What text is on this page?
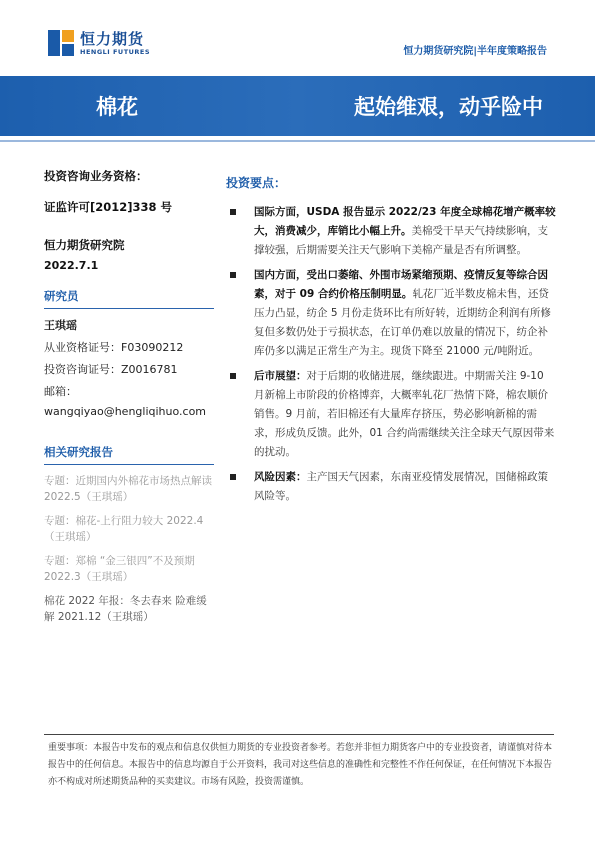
恒力期货
HENGLI FUTURES	恒力期货研究院|半年度策略报告
棉花	起始维艰，动乎险中
投资咨询业务资格：
证监许可[2012]338 号
恒力期货研究院
2022.7.1
研究员
王琪瑶
从业资格证号：F03090212
投资咨询证号：Z0016781
邮箱：
wangqiyao@hengliqihuo.com
相关研究报告
专题：近期国内外棉花市场热点解读 2022.5（王琪瑶）
专题：棉花-上行阻力较大 2022.4（王琪瑶）
专题：郑棉 “金三银四”不及预期 2022.3（王琪瑶）
棉花 2022 年报：冬去春来 险难缓解 2021.12（王琪瑶）
投资要点：
国际方面，USDA 报告显示 2022/23 年度全球棉花增产概率较大，消费减少，库销比小幅上升。美棉受干旱天气持续影响，支撑较强，后期需要关注天气影响下美棉产量是否有所调整。
国内方面，受出口萎缩、外围市场紧缩预期、疫情反复等综合因素，对于 09 合约价格压制明显。轧花厂近半数皮棉未售，还贷压力凸显，纺企 5 月份走货环比有所好转，近期纺企利润有所修复但多数仍处于亏损状态，在订单仍难以放量的情况下，纺企补库仍多以满足正常生产为主。现货下降至 21000 元/吨附近。
后市展望：对于后期的收储进展，继续跟进。中期需关注 9-10 月新棉上市阶段的价格博弈，大概率轧花厂热情下降，棉农顺价销售。9 月前，若旧棉还有大量库存挤压，势必影响新棉的需求，形成负反馈。此外，01 合约尚需继续关注全球天气原因带来的扰动。
风险因素：主产国天气因素，东南亚疫情发展情况，国储棉政策风险等。
重要事项：本报告中发布的观点和信息仅供恒力期货的专业投资者参考。若您并非恒力期货客户中的专业投资者，请谨慎对待本报告中的任何信息。本报告中的信息均源自于公开资料，我司对这些信息的准确性和完整性不作任何保证，在任何情况下本报告亦不构成对所述期货品种的买卖建议。市场有风险，投资需谨慎。
